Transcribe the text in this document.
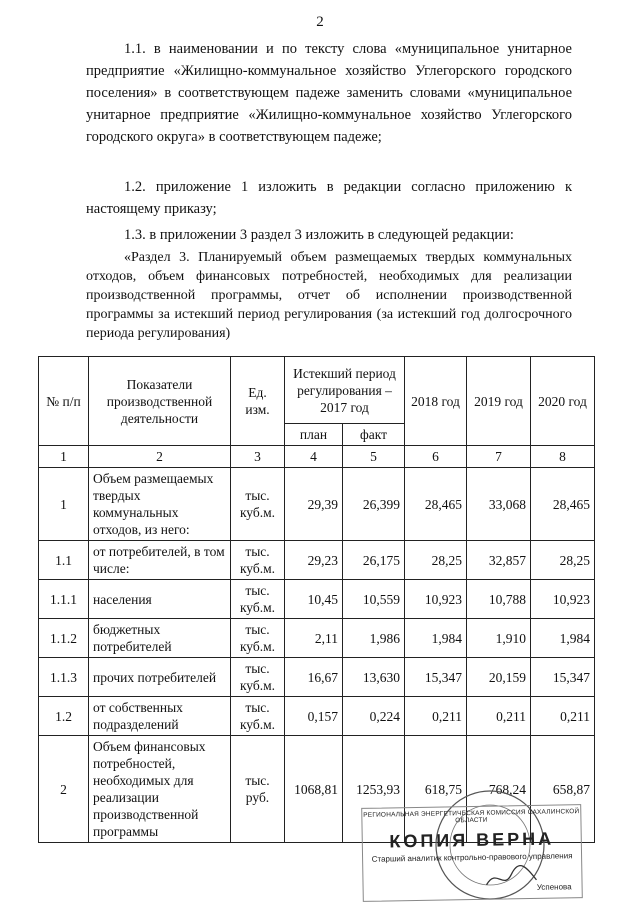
2
1.1. в наименовании и по тексту слова «муниципальное унитарное предприятие «Жилищно-коммунальное хозяйство Углегорского городского поселения» в соответствующем падеже заменить словами «муниципальное унитарное предприятие «Жилищно-коммунальное хозяйство Углегорского городского округа» в соответствующем падеже;
1.2. приложение 1 изложить в редакции согласно приложению к настоящему приказу;
1.3. в приложении 3 раздел 3 изложить в следующей редакции:
«Раздел 3. Планируемый объем размещаемых твердых коммунальных отходов, объем финансовых потребностей, необходимых для реализации производственной программы, отчет об исполнении производственной программы за истекший период регулирования (за истекший год долгосрочного периода регулирования)
№ п/п	Показатели производственной деятельности	Ед. изм.	Истекший период регулирования – 2017 год		2018 год	2019 год	2020 год
			план	факт			
1	2	3	4	5	6	7	8
1	Объем размещаемых твердых коммунальных отходов, из него:	тыс. куб.м.	29,39	26,399	28,465	33,068	28,465
1.1	от потребителей, в том числе:	тыс. куб.м.	29,23	26,175	28,25	32,857	28,25
1.1.1	населения	тыс. куб.м.	10,45	10,559	10,923	10,788	10,923
1.1.2	бюджетных потребителей	тыс. куб.м.	2,11	1,986	1,984	1,910	1,984
1.1.3	прочих потребителей	тыс. куб.м.	16,67	13,630	15,347	20,159	15,347
1.2	от собственных подразделений	тыс. куб.м.	0,157	0,224	0,211	0,211	0,211
2	Объем финансовых потребностей, необходимых для реализации производственной программы	тыс. руб.	1068,81	1253,93	618,75	768,24	658,87
РЕГИОНАЛЬНАЯ ЭНЕРГЕТИЧЕСКАЯ КОМИССИЯ САХАЛИНСКОЙ ОБЛАСТИ
КОПИЯ ВЕРНА
Старший аналитик контрольно-правового управления
Успенова
